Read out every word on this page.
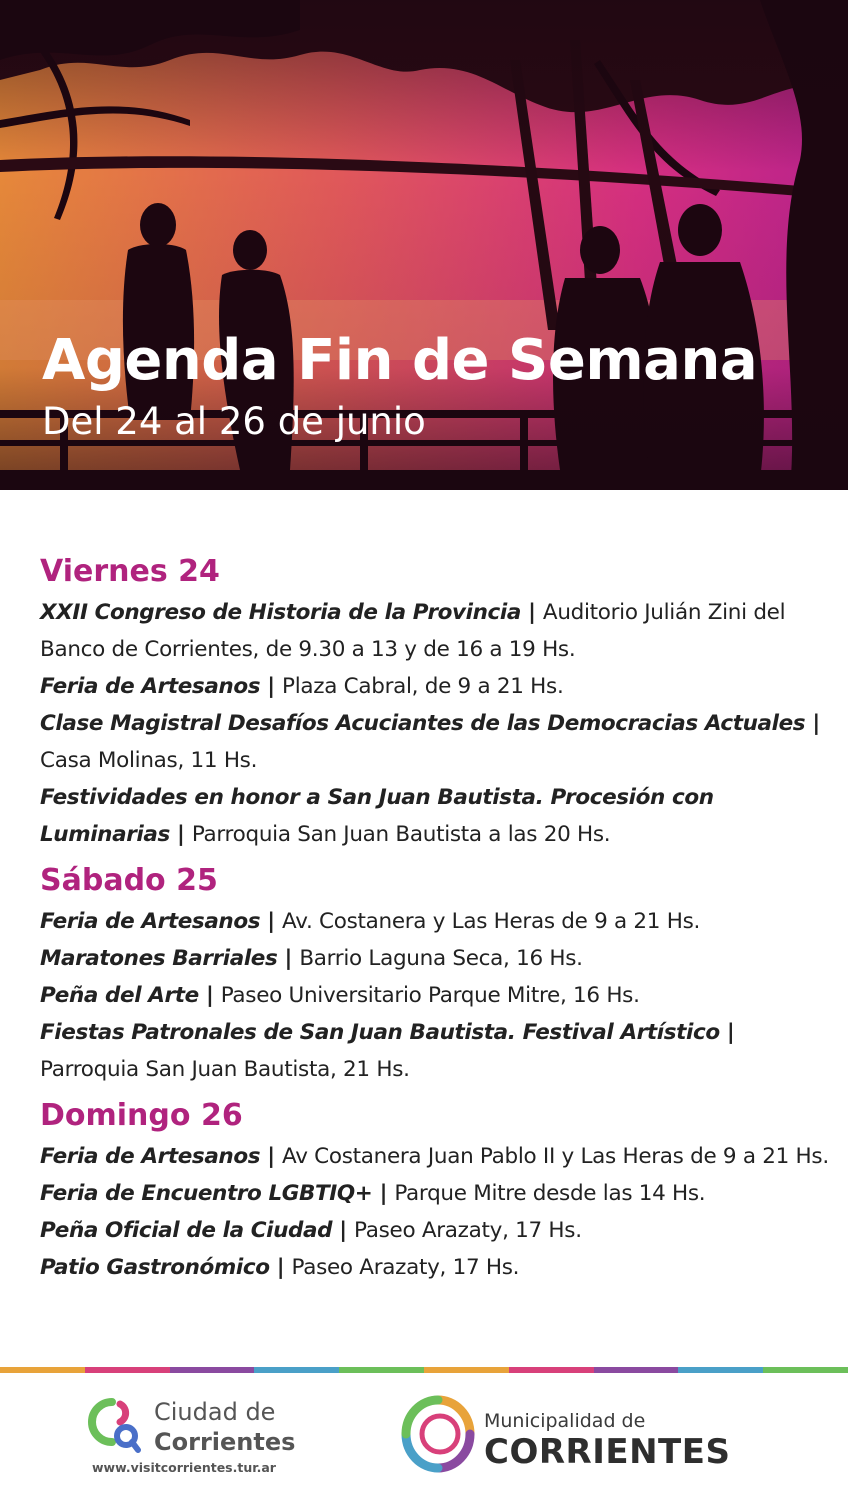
Agenda Fin de Semana
Del 24 al 26 de junio
Viernes 24
XXII Congreso de Historia de la Provincia | Auditorio Julián Zini del Banco de Corrientes, de 9.30 a 13 y de 16 a 19 Hs.
Feria de Artesanos | Plaza Cabral, de 9 a 21 Hs.
Clase Magistral Desafíos Acuciantes de las Democracias Actuales | Casa Molinas, 11 Hs.
Festividades en honor a San Juan Bautista. Procesión con Luminarias | Parroquia San Juan Bautista a las 20 Hs.
Sábado 25
Feria de Artesanos | Av. Costanera y Las Heras de 9 a 21 Hs.
Maratones Barriales | Barrio Laguna Seca, 16 Hs.
Peña del Arte | Paseo Universitario Parque Mitre, 16 Hs.
Fiestas Patronales de San Juan Bautista. Festival Artístico | Parroquia San Juan Bautista, 21 Hs.
Domingo 26
Feria de Artesanos | Av Costanera Juan Pablo II y Las Heras de 9 a 21 Hs.
Feria de Encuentro LGBTIQ+ | Parque Mitre desde las 14 Hs.
Peña Oficial de la Ciudad | Paseo Arazaty, 17 Hs.
Patio Gastronómico | Paseo Arazaty, 17 Hs.
Ciudad de
Corrientes
www.visitcorrientes.tur.ar
Municipalidad de
CORRIENTES
